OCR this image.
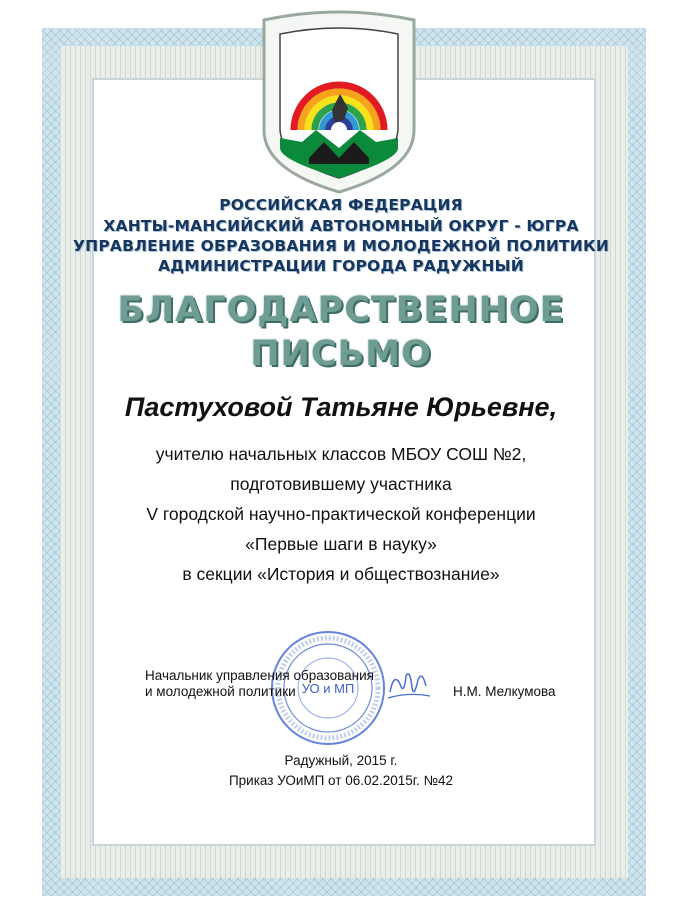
РОССИЙСКАЯ ФЕДЕРАЦИЯ
ХАНТЫ-МАНСИЙСКИЙ АВТОНОМНЫЙ ОКРУГ - ЮГРА
УПРАВЛЕНИЕ ОБРАЗОВАНИЯ И МОЛОДЕЖНОЙ ПОЛИТИКИ
АДМИНИСТРАЦИИ ГОРОДА РАДУЖНЫЙ
БЛАГОДАРСТВЕННОЕ
ПИСЬМО
Пастуховой Татьяне Юрьевне,
учителю начальных классов МБОУ СОШ №2,
подготовившему участника
V городской научно-практической конференции
«Первые шаги в науку»
в секции «История и обществознание»
УО и МП
Начальник управления образования
и молодежной политики	Н.М. Мелкумова
Радужный, 2015 г.
Приказ УОиМП от 06.02.2015г. №42
